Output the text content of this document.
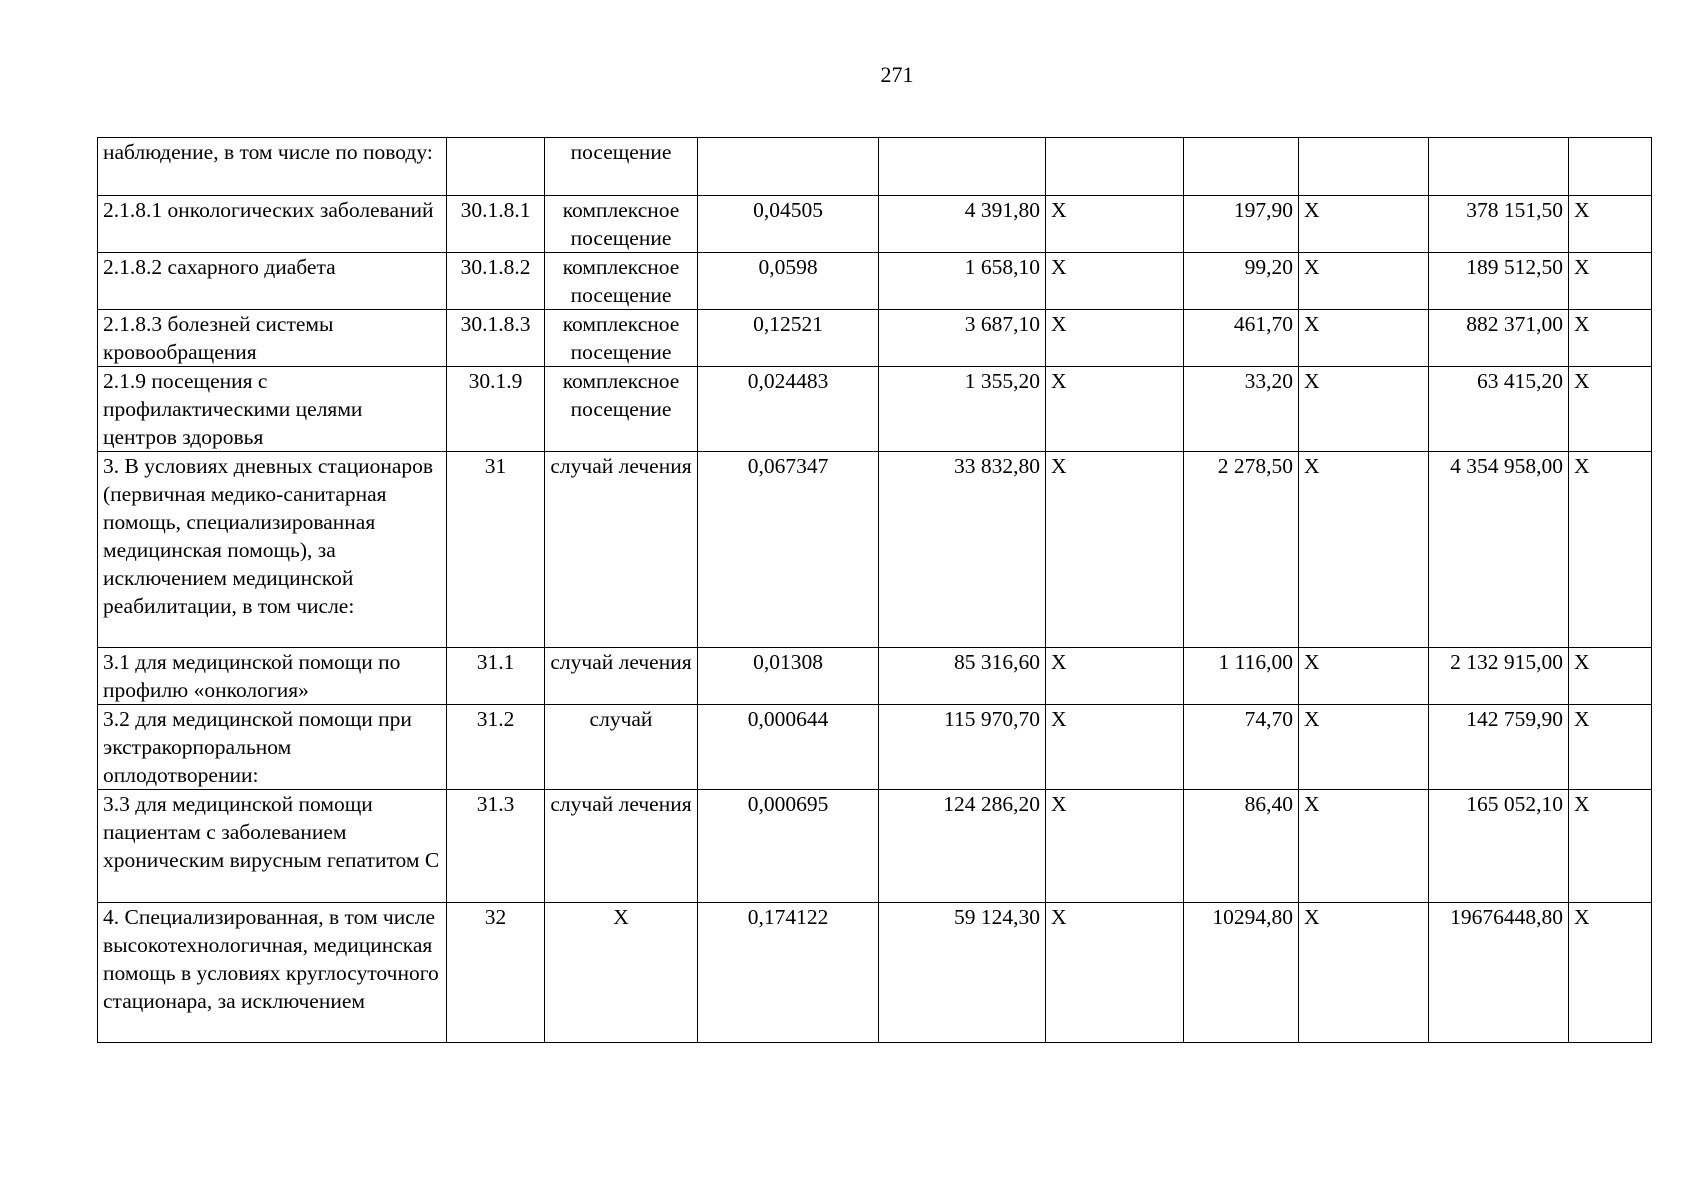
271
наблюдение, в том числе по поводу:		посещение							
2.1.8.1 онкологических заболеваний	30.1.8.1	комплексное посещение	0,04505	4 391,80	X	197,90	X	378 151,50	X
2.1.8.2 сахарного диабета	30.1.8.2	комплексное посещение	0,0598	1 658,10	X	99,20	X	189 512,50	X
2.1.8.3 болезней системы кровообращения	30.1.8.3	комплексное посещение	0,12521	3 687,10	X	461,70	X	882 371,00	X
2.1.9 посещения с профилактическими целями центров здоровья	30.1.9	комплексное посещение	0,024483	1 355,20	X	33,20	X	63 415,20	X
3. В условиях дневных стационаров (первичная медико-санитарная помощь, специализированная медицинская помощь), за исключением медицинской реабилитации, в том числе:	31	случай лечения	0,067347	33 832,80	X	2 278,50	X	4 354 958,00	X
3.1 для медицинской помощи по профилю «онкология»	31.1	случай лечения	0,01308	85 316,60	X	1 116,00	X	2 132 915,00	X
3.2 для медицинской помощи при экстракорпоральном оплодотворении:	31.2	случай	0,000644	115 970,70	X	74,70	X	142 759,90	X
3.3 для медицинской помощи пациентам с заболеванием хроническим вирусным гепатитом С	31.3	случай лечения	0,000695	124 286,20	X	86,40	X	165 052,10	X
4. Специализированная, в том числе высокотехнологичная, медицинская помощь в условиях круглосуточного стационара, за исключением	32	X	0,174122	59 124,30	X	10294,80	X	19676448,80	X
